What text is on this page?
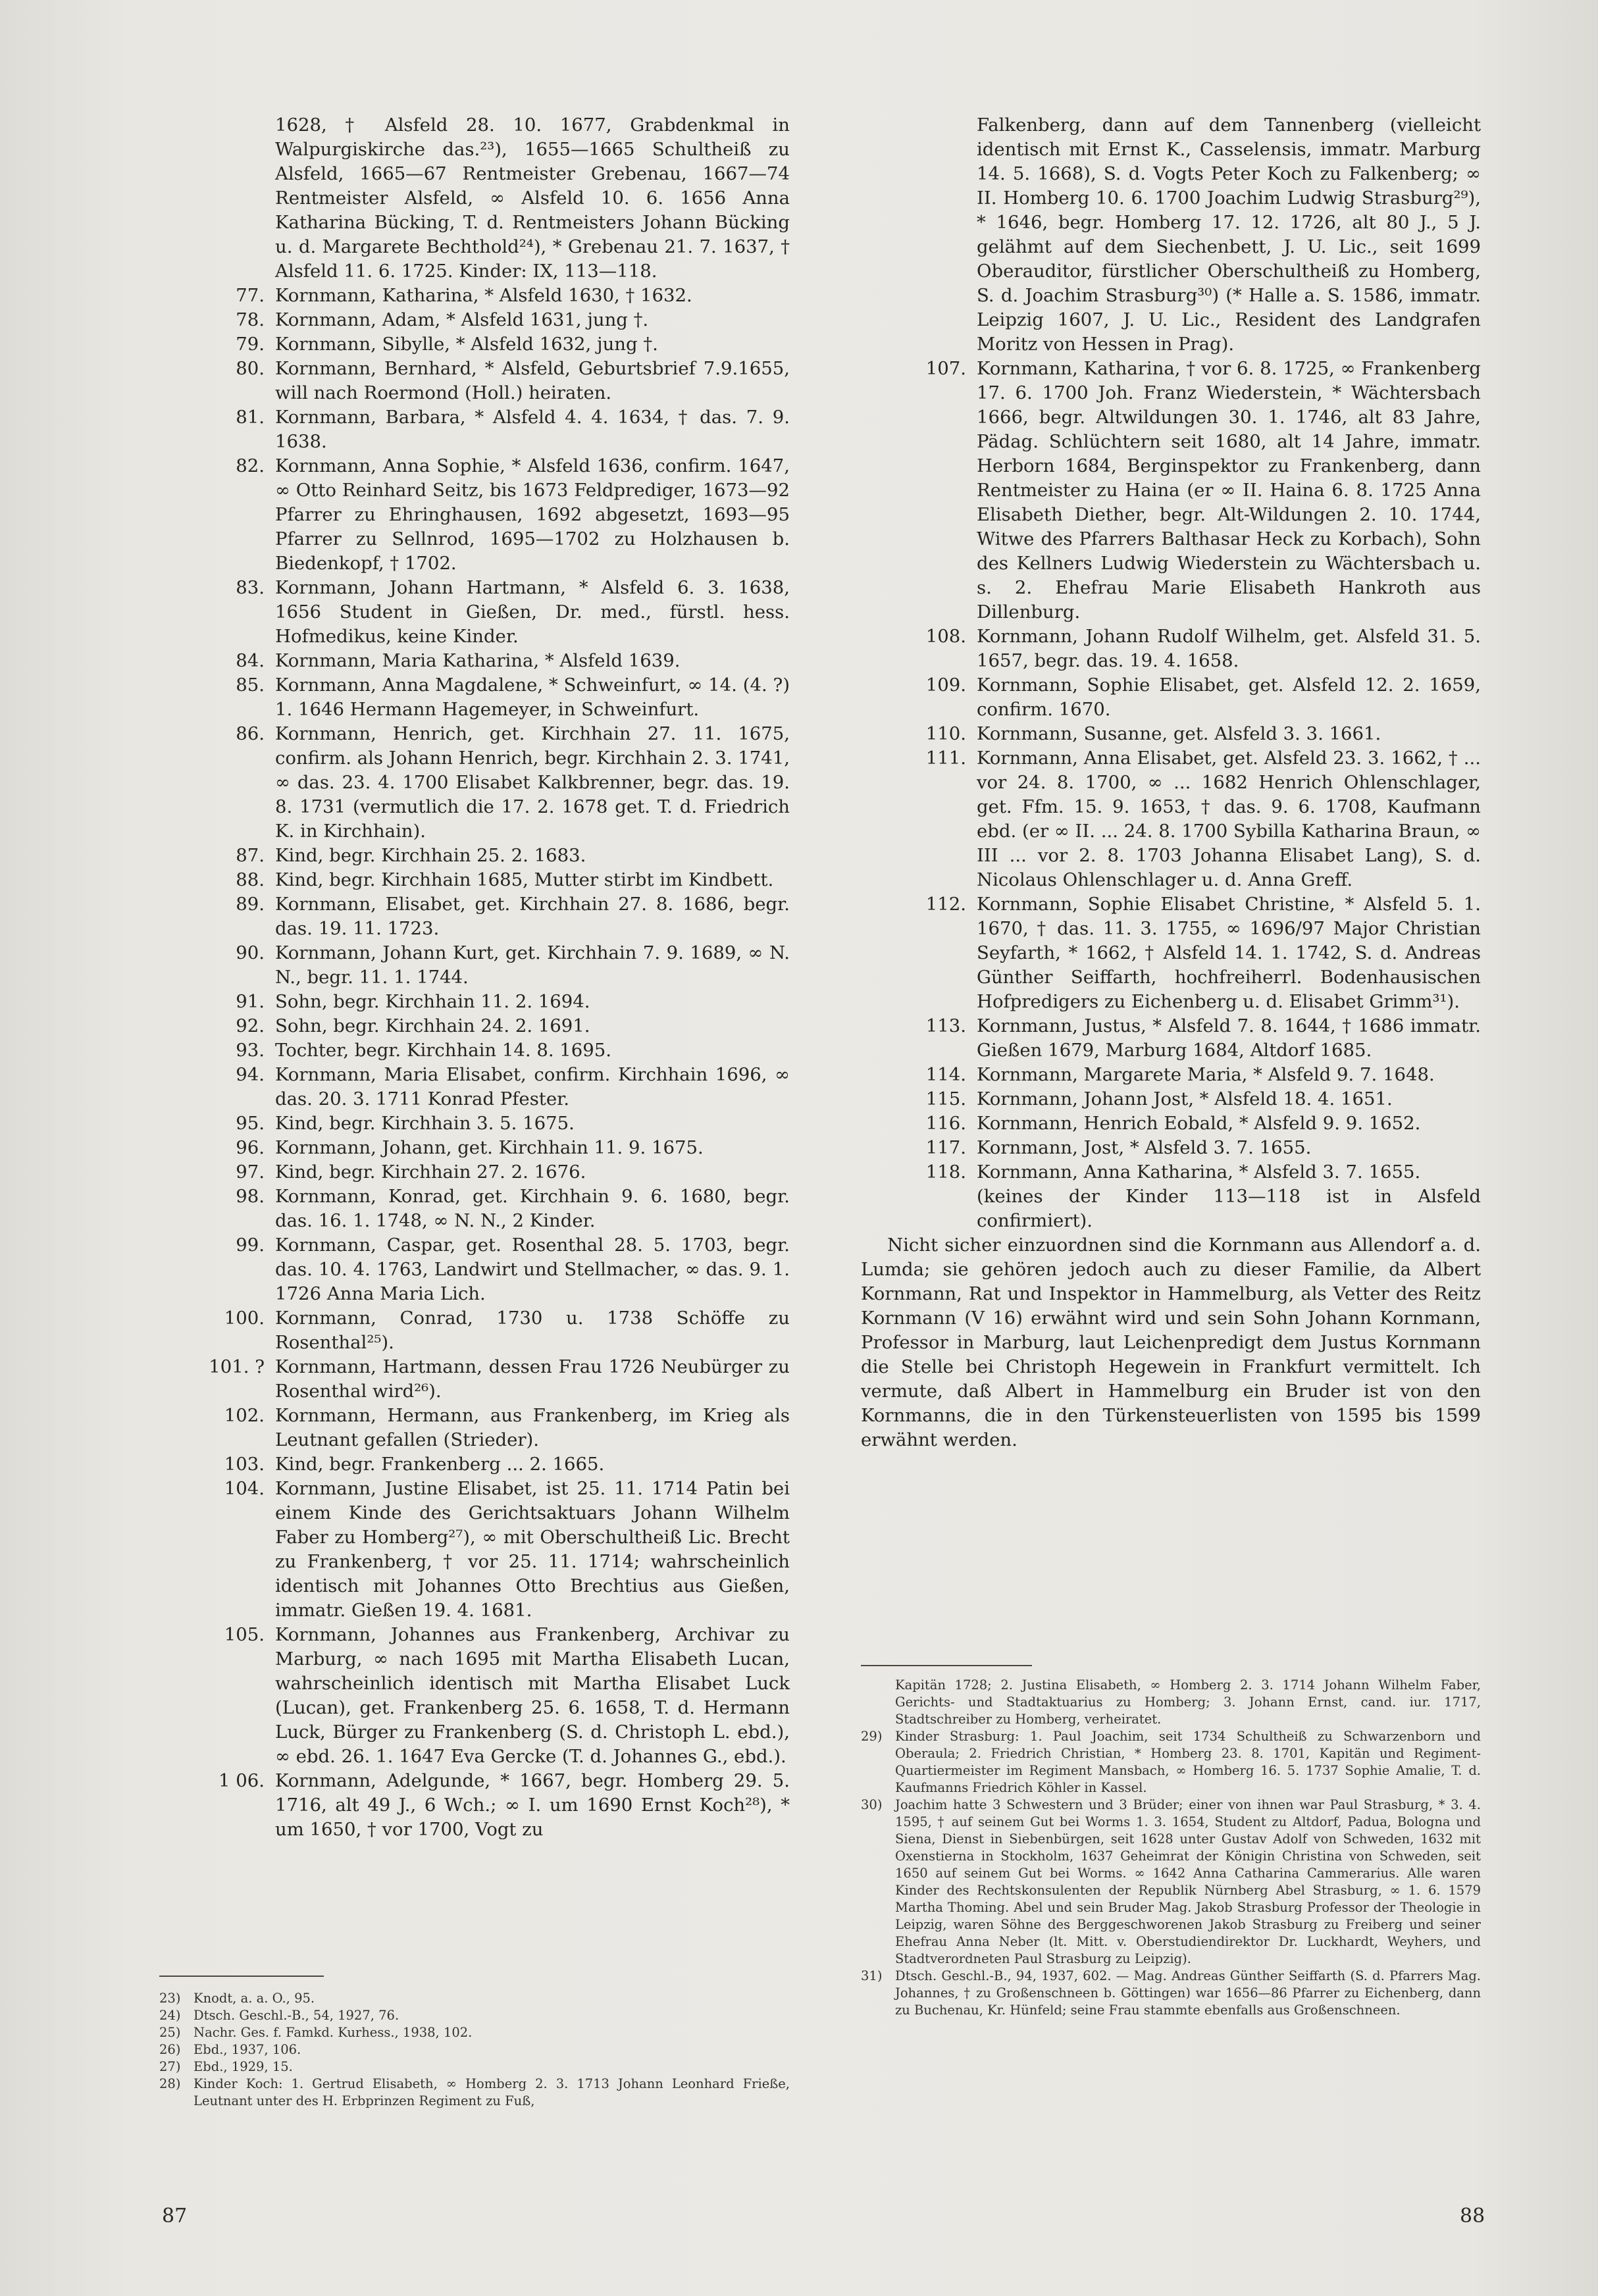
1628, † Alsfeld 28. 10. 1677, Grabdenkmal in Walpurgiskirche das.²³), 1655—1665 Schultheiß zu Alsfeld, 1665—67 Rentmeister Grebenau, 1667—74 Rentmeister Alsfeld, ∞ Alsfeld 10. 6. 1656 Anna Katharina Bücking, T. d. Rentmeisters Johann Bücking u. d. Margarete Bechthold²⁴), * Grebenau 21. 7. 1637, † Alsfeld 11. 6. 1725. Kinder: IX, 113—118.
77. Kornmann, Katharina, * Alsfeld 1630, † 1632.
78. Kornmann, Adam, * Alsfeld 1631, jung †.
79. Kornmann, Sibylle, * Alsfeld 1632, jung †.
80. Kornmann, Bernhard, * Alsfeld, Geburtsbrief 7.9.1655, will nach Roermond (Holl.) heiraten.
81. Kornmann, Barbara, * Alsfeld 4. 4. 1634, † das. 7. 9. 1638.
82. Kornmann, Anna Sophie, * Alsfeld 1636, confirm. 1647, ∞ Otto Reinhard Seitz, bis 1673 Feldprediger, 1673—92 Pfarrer zu Ehringhausen, 1692 abgesetzt, 1693—95 Pfarrer zu Sellnrod, 1695—1702 zu Holzhausen b. Biedenkopf, † 1702.
83. Kornmann, Johann Hartmann, * Alsfeld 6. 3. 1638, 1656 Student in Gießen, Dr. med., fürstl. hess. Hofmedikus, keine Kinder.
84. Kornmann, Maria Katharina, * Alsfeld 1639.
85. Kornmann, Anna Magdalene, * Schweinfurt, ∞ 14. (4. ?) 1. 1646 Hermann Hagemeyer, in Schweinfurt.
86. Kornmann, Henrich, get. Kirchhain 27. 11. 1675, confirm. als Johann Henrich, begr. Kirchhain 2. 3. 1741, ∞ das. 23. 4. 1700 Elisabet Kalkbrenner, begr. das. 19. 8. 1731 (vermutlich die 17. 2. 1678 get. T. d. Friedrich K. in Kirchhain).
87. Kind, begr. Kirchhain 25. 2. 1683.
88. Kind, begr. Kirchhain 1685, Mutter stirbt im Kindbett.
89. Kornmann, Elisabet, get. Kirchhain 27. 8. 1686, begr. das. 19. 11. 1723.
90. Kornmann, Johann Kurt, get. Kirchhain 7. 9. 1689, ∞ N. N., begr. 11. 1. 1744.
91. Sohn, begr. Kirchhain 11. 2. 1694.
92. Sohn, begr. Kirchhain 24. 2. 1691.
93. Tochter, begr. Kirchhain 14. 8. 1695.
94. Kornmann, Maria Elisabet, confirm. Kirchhain 1696, ∞ das. 20. 3. 1711 Konrad Pfester.
95. Kind, begr. Kirchhain 3. 5. 1675.
96. Kornmann, Johann, get. Kirchhain 11. 9. 1675.
97. Kind, begr. Kirchhain 27. 2. 1676.
98. Kornmann, Konrad, get. Kirchhain 9. 6. 1680, begr. das. 16. 1. 1748, ∞ N. N., 2 Kinder.
99. Kornmann, Caspar, get. Rosenthal 28. 5. 1703, begr. das. 10. 4. 1763, Landwirt und Stellmacher, ∞ das. 9. 1. 1726 Anna Maria Lich.
100. Kornmann, Conrad, 1730 u. 1738 Schöffe zu Rosenthal²⁵).
101. ? Kornmann, Hartmann, dessen Frau 1726 Neubürger zu Rosenthal wird²⁶).
102. Kornmann, Hermann, aus Frankenberg, im Krieg als Leutnant gefallen (Strieder).
103. Kind, begr. Frankenberg ... 2. 1665.
104. Kornmann, Justine Elisabet, ist 25. 11. 1714 Patin bei einem Kinde des Gerichtsaktuars Johann Wilhelm Faber zu Homberg²⁷), ∞ mit Oberschultheiß Lic. Brecht zu Frankenberg, † vor 25. 11. 1714; wahrscheinlich identisch mit Johannes Otto Brechtius aus Gießen, immatr. Gießen 19. 4. 1681.
105. Kornmann, Johannes aus Frankenberg, Archivar zu Marburg, ∞ nach 1695 mit Martha Elisabeth Lucan, wahrscheinlich identisch mit Martha Elisabet Luck (Lucan), get. Frankenberg 25. 6. 1658, T. d. Hermann Luck, Bürger zu Frankenberg (S. d. Christoph L. ebd.), ∞ ebd. 26. 1. 1647 Eva Gercke (T. d. Johannes G., ebd.).
1 06. Kornmann, Adelgunde, * 1667, begr. Homberg 29. 5. 1716, alt 49 J., 6 Wch.; ∞ I. um 1690 Ernst Koch²⁸), * um 1650, † vor 1700, Vogt zu
23)	Knodt, a. a. O., 95.
24)	Dtsch. Geschl.-B., 54, 1927, 76.
25)	Nachr. Ges. f. Famkd. Kurhess., 1938, 102.
26)	Ebd., 1937, 106.
27)	Ebd., 1929, 15.
28)	Kinder Koch: 1. Gertrud Elisabeth, ∞ Homberg 2. 3. 1713 Johann Leonhard Frieße, Leutnant unter des H. Erbprinzen Regiment zu Fuß,
87
Falkenberg, dann auf dem Tannenberg (vielleicht identisch mit Ernst K., Casselensis, immatr. Marburg 14. 5. 1668), S. d. Vogts Peter Koch zu Falkenberg; ∞ II. Homberg 10. 6. 1700 Joachim Ludwig Strasburg²⁹), * 1646, begr. Homberg 17. 12. 1726, alt 80 J., 5 J. gelähmt auf dem Siechenbett, J. U. Lic., seit 1699 Oberauditor, fürstlicher Oberschultheiß zu Homberg, S. d. Joachim Strasburg³⁰) (* Halle a. S. 1586, immatr. Leipzig 1607, J. U. Lic., Resident des Landgrafen Moritz von Hessen in Prag).
107. Kornmann, Katharina, † vor 6. 8. 1725, ∞ Frankenberg 17. 6. 1700 Joh. Franz Wiederstein, * Wächtersbach 1666, begr. Altwildungen 30. 1. 1746, alt 83 Jahre, Pädag. Schlüchtern seit 1680, alt 14 Jahre, immatr. Herborn 1684, Berginspektor zu Frankenberg, dann Rentmeister zu Haina (er ∞ II. Haina 6. 8. 1725 Anna Elisabeth Diether, begr. Alt-Wildungen 2. 10. 1744, Witwe des Pfarrers Balthasar Heck zu Korbach), Sohn des Kellners Ludwig Wiederstein zu Wächtersbach u. s. 2. Ehefrau Marie Elisabeth Hankroth aus Dillenburg.
108. Kornmann, Johann Rudolf Wilhelm, get. Alsfeld 31. 5. 1657, begr. das. 19. 4. 1658.
109. Kornmann, Sophie Elisabet, get. Alsfeld 12. 2. 1659, confirm. 1670.
110. Kornmann, Susanne, get. Alsfeld 3. 3. 1661.
111. Kornmann, Anna Elisabet, get. Alsfeld 23. 3. 1662, † ... vor 24. 8. 1700, ∞ ... 1682 Henrich Ohlenschlager, get. Ffm. 15. 9. 1653, † das. 9. 6. 1708, Kaufmann ebd. (er ∞ II. ... 24. 8. 1700 Sybilla Katharina Braun, ∞ III ... vor 2. 8. 1703 Johanna Elisabet Lang), S. d. Nicolaus Ohlenschlager u. d. Anna Greff.
112. Kornmann, Sophie Elisabet Christine, * Alsfeld 5. 1. 1670, † das. 11. 3. 1755, ∞ 1696/97 Major Christian Seyfarth, * 1662, † Alsfeld 14. 1. 1742, S. d. Andreas Günther Seiffarth, hochfreiherrl. Bodenhausischen Hofpredigers zu Eichenberg u. d. Elisabet Grimm³¹).
113. Kornmann, Justus, * Alsfeld 7. 8. 1644, † 1686 immatr. Gießen 1679, Marburg 1684, Altdorf 1685.
114. Kornmann, Margarete Maria, * Alsfeld 9. 7. 1648.
115. Kornmann, Johann Jost, * Alsfeld 18. 4. 1651.
116. Kornmann, Henrich Eobald, * Alsfeld 9. 9. 1652.
117. Kornmann, Jost, * Alsfeld 3. 7. 1655.
118. Kornmann, Anna Katharina, * Alsfeld 3. 7. 1655.
(keines der Kinder 113—118 ist in Alsfeld confirmiert).
Nicht sicher einzuordnen sind die Kornmann aus Allendorf a. d. Lumda; sie gehören jedoch auch zu dieser Familie, da Albert Kornmann, Rat und Inspektor in Hammelburg, als Vetter des Reitz Kornmann (V 16) erwähnt wird und sein Sohn Johann Kornmann, Professor in Marburg, laut Leichenpredigt dem Justus Kornmann die Stelle bei Christoph Hegewein in Frankfurt vermittelt. Ich vermute, daß Albert in Hammelburg ein Bruder ist von den Kornmanns, die in den Türkensteuerlisten von 1595 bis 1599 erwähnt werden.
Kapitän 1728; 2. Justina Elisabeth, ∞ Homberg 2. 3. 1714 Johann Wilhelm Faber, Gerichts- und Stadtaktuarius zu Homberg; 3. Johann Ernst, cand. iur. 1717, Stadtschreiber zu Homberg, verheiratet.
29)	Kinder Strasburg: 1. Paul Joachim, seit 1734 Schultheiß zu Schwarzenborn und Oberaula; 2. Friedrich Christian, * Homberg 23. 8. 1701, Kapitän und Regiment-Quartiermeister im Regiment Mansbach, ∞ Homberg 16. 5. 1737 Sophie Amalie, T. d. Kaufmanns Friedrich Köhler in Kassel.
30)	Joachim hatte 3 Schwestern und 3 Brüder; einer von ihnen war Paul Strasburg, * 3. 4. 1595, † auf seinem Gut bei Worms 1. 3. 1654, Student zu Altdorf, Padua, Bologna und Siena, Dienst in Siebenbürgen, seit 1628 unter Gustav Adolf von Schweden, 1632 mit Oxenstierna in Stockholm, 1637 Geheimrat der Königin Christina von Schweden, seit 1650 auf seinem Gut bei Worms. ∞ 1642 Anna Catharina Cammerarius. Alle waren Kinder des Rechtskonsulenten der Republik Nürnberg Abel Strasburg, ∞ 1. 6. 1579 Martha Thoming. Abel und sein Bruder Mag. Jakob Strasburg Professor der Theologie in Leipzig, waren Söhne des Berggeschworenen Jakob Strasburg zu Freiberg und seiner Ehefrau Anna Neber (lt. Mitt. v. Oberstudiendirektor Dr. Luckhardt, Weyhers, und Stadtverordneten Paul Strasburg zu Leipzig).
31)	Dtsch. Geschl.-B., 94, 1937, 602. — Mag. Andreas Günther Seiffarth (S. d. Pfarrers Mag. Johannes, † zu Großenschneen b. Göttingen) war 1656—86 Pfarrer zu Eichenberg, dann zu Buchenau, Kr. Hünfeld; seine Frau stammte ebenfalls aus Großenschneen.
88
